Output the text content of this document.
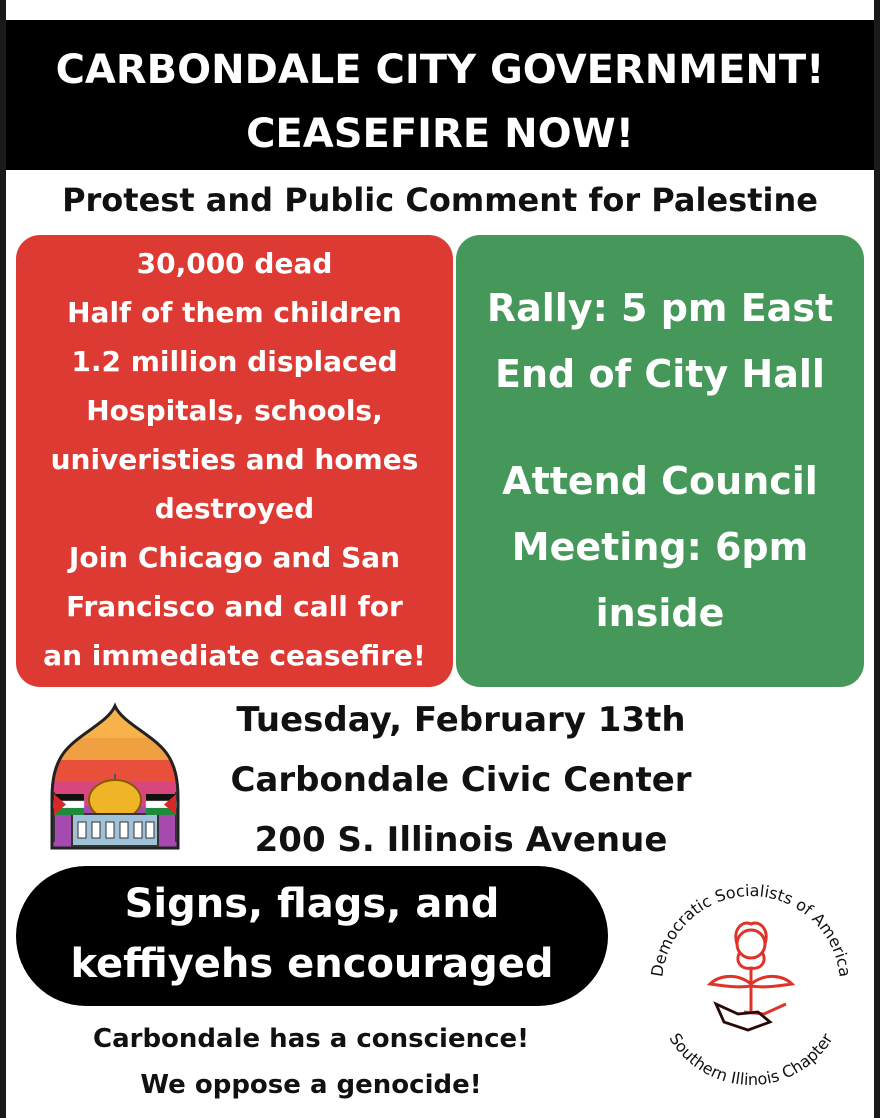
CARBONDALE CITY GOVERNMENT!
CEASEFIRE NOW!
Protest and Public Comment for Palestine
30,000 dead
Half of them children
1.2 million displaced
Hospitals, schools,
univeristies and homes
destroyed
Join Chicago and San
Francisco and call for
an immediate ceasefire!
Rally: 5 pm East
End of City Hall
Attend Council
Meeting: 6pm
inside
Tuesday, February 13th
Carbondale Civic Center
200 S. Illinois Avenue
Signs, flags, and
keffiyehs encouraged
Carbondale has a conscience!
We oppose a genocide!
Democratic Socialists of America
Southern Illinois Chapter
